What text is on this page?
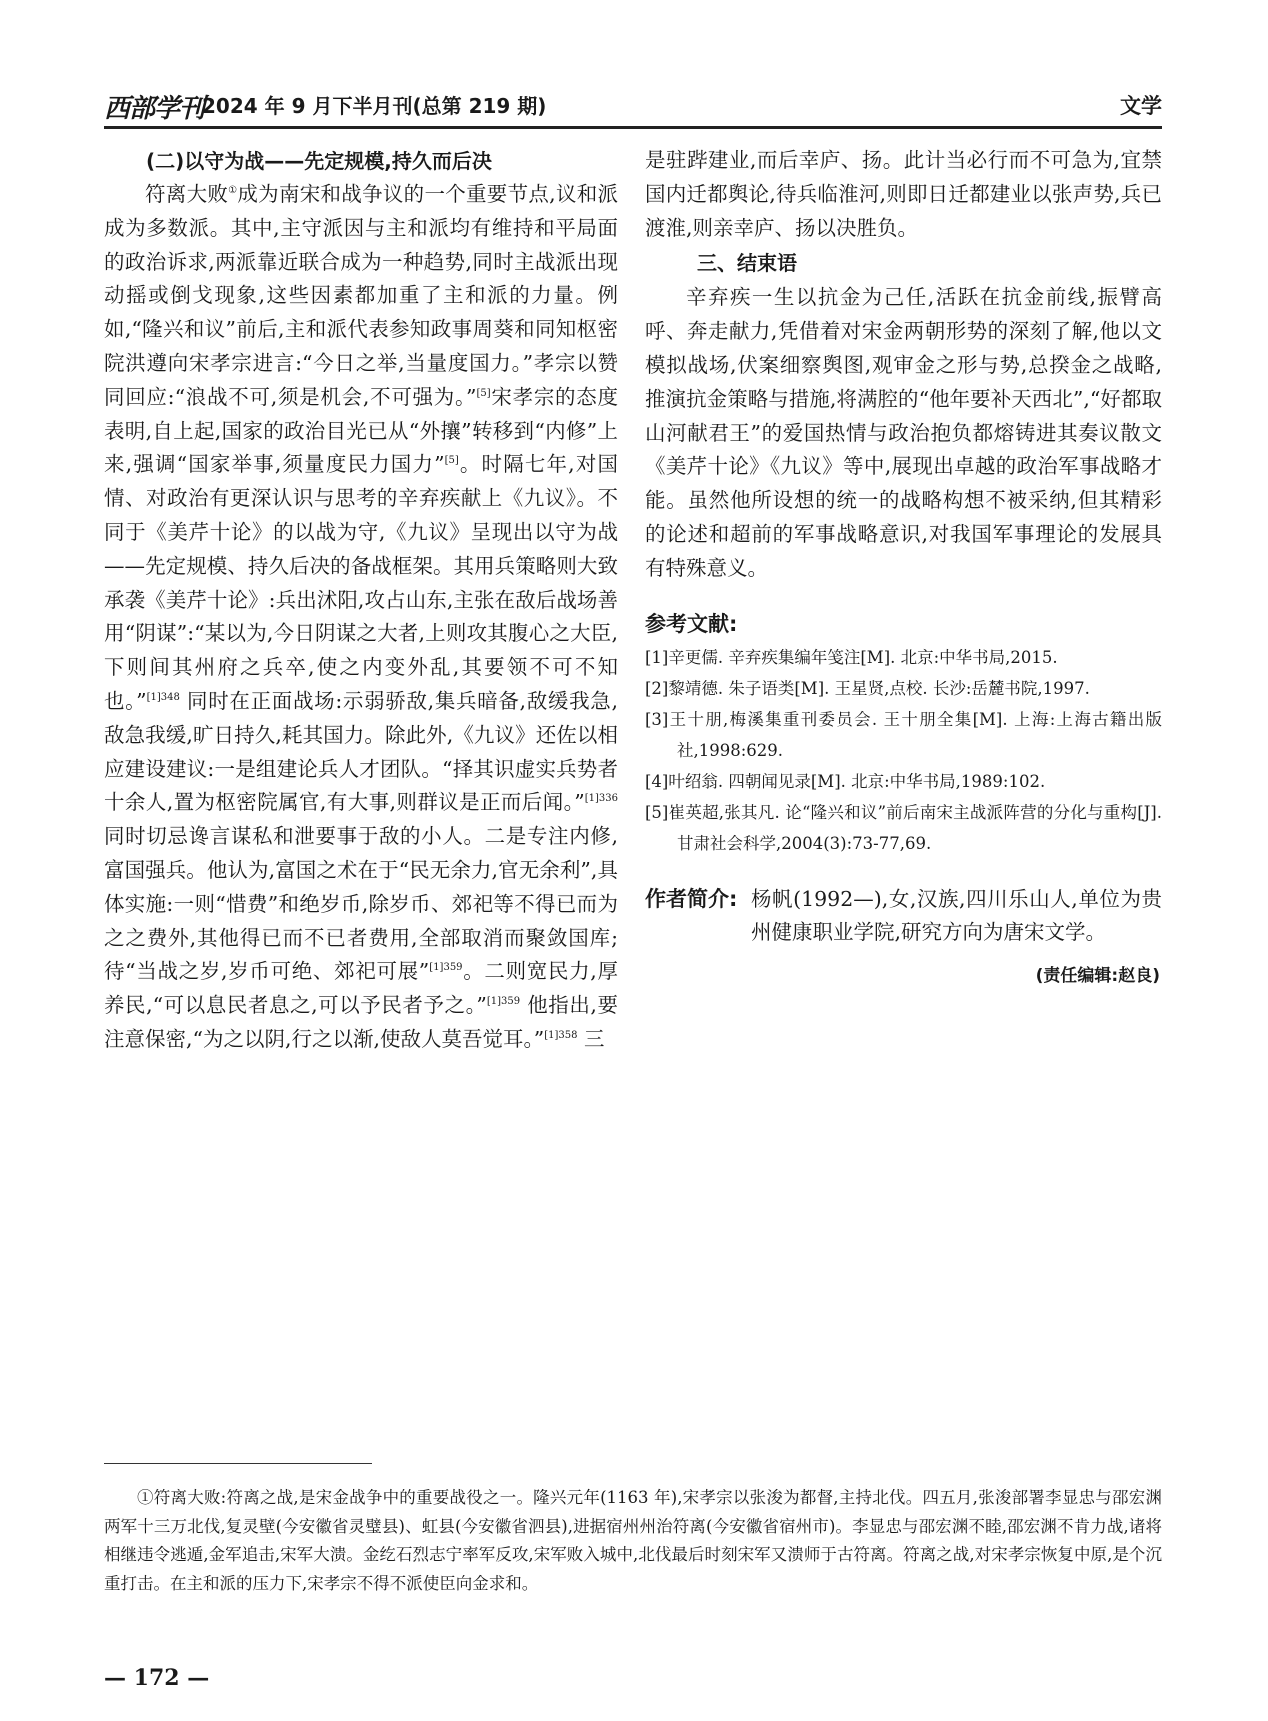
西部学刊
2024 年 9 月下半月刊(总第 219 期)	文学
(二)以守为战——先定规模,持久而后决

符离大败①成为南宋和战争议的一个重要节点,议和派成为多数派。其中,主守派因与主和派均有维持和平局面的政治诉求,两派靠近联合成为一种趋势,同时主战派出现动摇或倒戈现象,这些因素都加重了主和派的力量。例如,“隆兴和议”前后,主和派代表参知政事周葵和同知枢密院洪遵向宋孝宗进言:“今日之举,当量度国力。”孝宗以赞同回应:“浪战不可,须是机会,不可强为。”[5]宋孝宗的态度表明,自上起,国家的政治目光已从“外攘”转移到“内修”上来,强调“国家举事,须量度民力国力”[5]。时隔七年,对国情、对政治有更深认识与思考的辛弃疾献上《九议》。不同于《美芹十论》的以战为守,《九议》呈现出以守为战——先定规模、持久后决的备战框架。其用兵策略则大致承袭《美芹十论》:兵出沭阳,攻占山东,主张在敌后战场善用“阴谋”:“某以为,今日阴谋之大者,上则攻其腹心之大臣,下则间其州府之兵卒,使之内变外乱,其要领不可不知也。”$^{[1]348}$ 同时在正面战场:示弱骄敌,集兵暗备,敌缓我急,敌急我缓,旷日持久,耗其国力。除此外,《九议》还佐以相应建设建议:一是组建论兵人才团队。“择其识虚实兵势者十余人,置为枢密院属官,有大事,则群议是正而后闻。”$^{[1]336}$ 同时切忌谗言谋私和泄要事于敌的小人。二是专注内修,富国强兵。他认为,富国之术在于“民无余力,官无余利”,具体实施:一则“惜费”和绝岁币,除岁币、郊祀等不得已而为之之费外,其他得已而不已者费用,全部取消而聚敛国库;待“当战之岁,岁币可绝、郊祀可展”$^{[1]359}$。二则宽民力,厚养民,“可以息民者息之,可以予民者予之。”$^{[1]359}$ 他指出,要注意保密,“为之以阴,行之以渐,使敌人莫吾觉耳。”$^{[1]358}$ 三

是驻跸建业,而后幸庐、扬。此计当必行而不可急为,宜禁国内迁都舆论,待兵临淮河,则即日迁都建业以张声势,兵已渡淮,则亲幸庐、扬以决胜负。

三、结束语

辛弃疾一生以抗金为己任,活跃在抗金前线,振臂高呼、奔走献力,凭借着对宋金两朝形势的深刻了解,他以文模拟战场,伏案细察舆图,观审金之形与势,总揆金之战略,推演抗金策略与措施,将满腔的“他年要补天西北”,“好都取山河献君王”的爱国热情与政治抱负都熔铸进其奏议散文《美芹十论》《九议》等中,展现出卓越的政治军事战略才能。虽然他所设想的统一的战略构想不被采纳,但其精彩的论述和超前的军事战略意识,对我国军事理论的发展具有特殊意义。

参考文献:
[1]辛更儒. 辛弃疾集编年笺注[M]. 北京:中华书局,2015.
[2]黎靖德. 朱子语类[M]. 王星贤,点校. 长沙:岳麓书院,1997.
[3]王十朋,梅溪集重刊委员会. 王十朋全集[M]. 上海:上海古籍出版社,1998:629.
[4]叶绍翁. 四朝闻见录[M]. 北京:中华书局,1989:102.
[5]崔英超,张其凡. 论“隆兴和议”前后南宋主战派阵营的分化与重构[J]. 甘肃社会科学,2004(3):73-77,69.
作者简介: 杨帆(1992—),女,汉族,四川乐山人,单位为贵州健康职业学院,研究方向为唐宋文学。
(责任编辑:赵良)
①符离大败:符离之战,是宋金战争中的重要战役之一。隆兴元年(1163 年),宋孝宗以张浚为都督,主持北伐。四五月,张浚部署李显忠与邵宏渊两军十三万北伐,复灵壁(今安徽省灵璧县)、虹县(今安徽省泗县),进据宿州州治符离(今安徽省宿州市)。李显忠与邵宏渊不睦,邵宏渊不肯力战,诸将相继违令逃遁,金军追击,宋军大溃。金纥石烈志宁率军反攻,宋军败入城中,北伐最后时刻宋军又溃师于古符离。符离之战,对宋孝宗恢复中原,是个沉重打击。在主和派的压力下,宋孝宗不得不派使臣向金求和。
— 172 —
